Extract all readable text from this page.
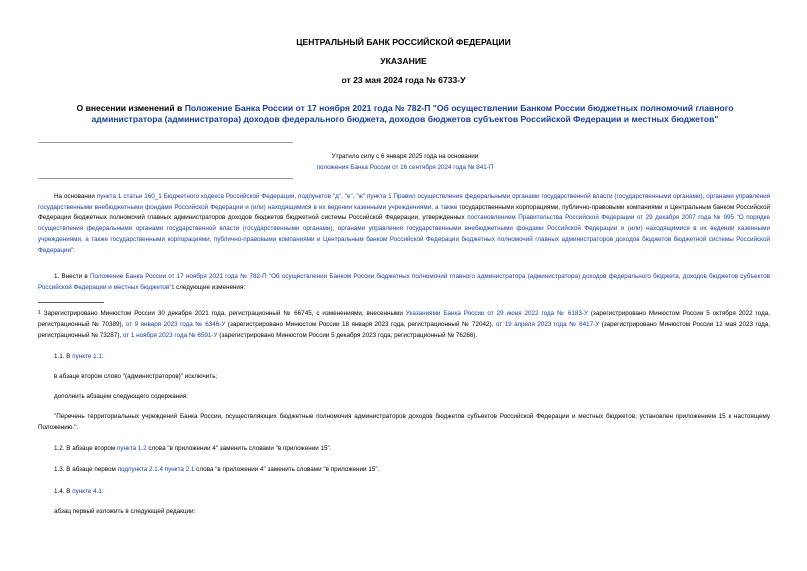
ЦЕНТРАЛЬНЫЙ БАНК РОССИЙСКОЙ ФЕДЕРАЦИИ
УКАЗАНИЕ
от 23 мая 2024 года № 6733-У
О внесении изменений в Положение Банка России от 17 ноября 2021 года № 782-П "Об осуществлении Банком России бюджетных полномочий главного администратора (администратора) доходов федерального бюджета, доходов бюджетов субъектов Российской Федерации и местных бюджетов"
Утратило силу с 6 января 2025 года на основании
положения Банка России от 16 сентября 2024 года № 841-П
На основании пункта 1 статьи 160_1 Бюджетного кодекса Российской Федерации, подпунктов "д", "е", "ж" пункта 1 Правил осуществления федеральными органами государственной власти (государственными органами), органами управления государственными внебюджетными фондами Российской Федерации и (или) находящимися в их ведении казенными учреждениями, а также государственными корпорациями, публично-правовыми компаниями и Центральным банком Российской Федерации бюджетных полномочий главных администраторов доходов бюджетов бюджетной системы Российской Федерации, утвержденных постановлением Правительства Российской Федерации от 29 декабря 2007 года № 995 "О порядке осуществления федеральными органами государственной власти (государственными органами), органами управления государственными внебюджетными фондами Российской Федерации и (или) находящимися в их ведении казенными учреждениями, а также государственными корпорациями, публично-правовыми компаниями и Центральным банком Российской Федерации бюджетных полномочий главных администраторов доходов бюджетов бюджетной системы Российской Федерации":
1. Внести в Положение Банка России от 17 ноября 2021 года № 782-П "Об осуществлении Банком России бюджетных полномочий главного администратора (администратора) доходов федерального бюджета, доходов бюджетов субъектов Российской Федерации и местных бюджетов"$^1$ следующие изменения:
$^1$ Зарегистрировано Минюстом России 30 декабря 2021 года, регистрационный № 66745, с изменениями, внесенными Указаниями Банка России от 29 июня 2022 года № 6183-У (зарегистрировано Минюстом России 5 октября 2022 года, регистрационный № 70389), от 9 января 2023 года № 6346-У (зарегистрировано Минюстом России 18 января 2023 года, регистрационный № 72042), от 19 апреля 2023 года № 6417-У (зарегистрировано Минюстом России 12 мая 2023 года, регистрационный № 73287), от 1 ноября 2023 года № 6591-У (зарегистрировано Минюстом России 5 декабря 2023 года, регистрационный № 76266).
1.1. В пункте 1.1:
в абзаце втором слово "(администраторов)" исключить;
дополнить абзацем следующего содержания:
"Перечень территориальных учреждений Банка России, осуществляющих бюджетные полномочия администраторов доходов бюджетов субъектов Российской Федерации и местных бюджетов, установлен приложением 15 к настоящему Положению.".
1.2. В абзаце втором пункта 1.2 слова "в приложении 4" заменить словами "в приложении 15".
1.3. В абзаце первом подпункта 2.1.4 пункта 2.1 слова "в приложении 4" заменить словами "в приложении 15".
1.4. В пункте 4.1:
абзац первый изложить в следующей редакции:
